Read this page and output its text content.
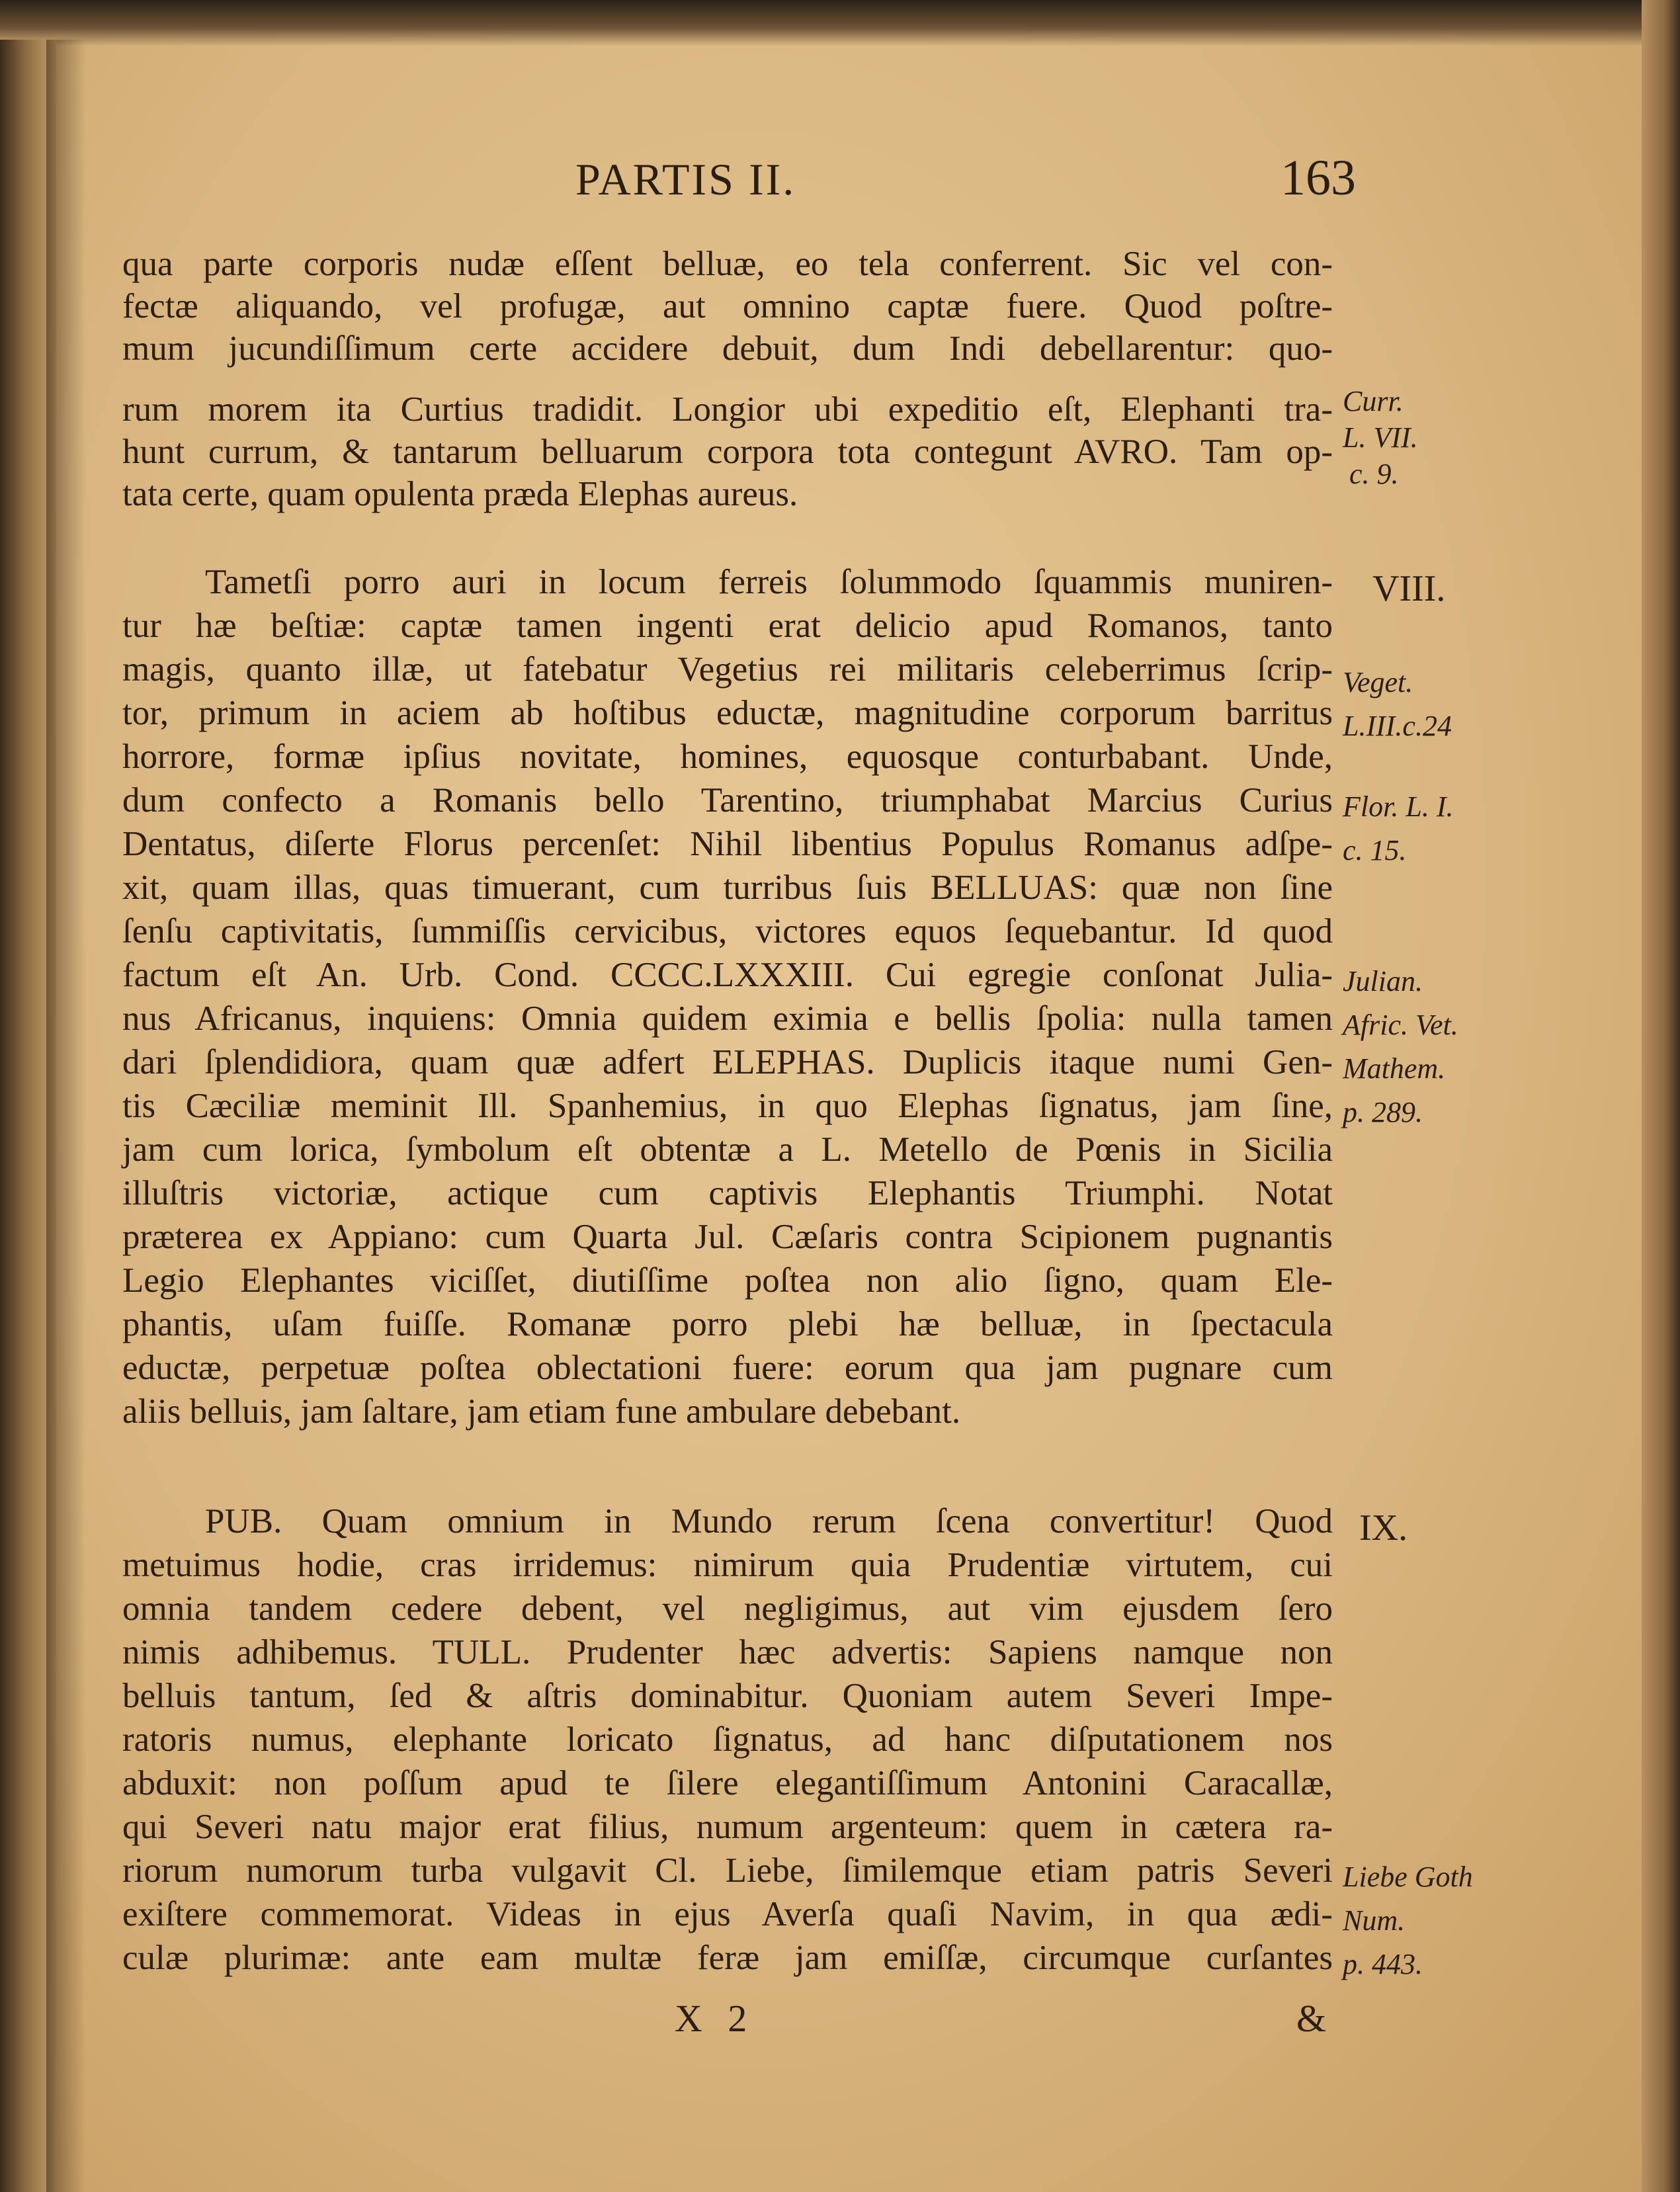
PARTIS II.	163
qua parte corporis nudæ eſſent belluæ, eo tela conferrent. Sic vel con-
fectæ aliquando, vel profugæ, aut omnino captæ fuere. Quod poſtre-
mum jucundiſſimum certe accidere debuit, dum Indi debellarentur: quo-
rum morem ita Curtius tradidit. Longior ubi expeditio eſt, Elephanti tra-
hunt currum, & tantarum belluarum corpora tota contegunt AVRO. Tam op-
tata certe, quam opulenta præda Elephas aureus.
Tametſi porro auri in locum ferreis ſolummodo ſquammis muniren-
tur hæ beſtiæ: captæ tamen ingenti erat delicio apud Romanos, tanto
magis, quanto illæ, ut fatebatur Vegetius rei militaris celeberrimus ſcrip-
tor, primum in aciem ab hoſtibus eductæ, magnitudine corporum barritus
horrore, formæ ipſius novitate, homines, equosque conturbabant. Unde,
dum confecto a Romanis bello Tarentino, triumphabat Marcius Curius
Dentatus, diſerte Florus percenſet: Nihil libentius Populus Romanus adſpe-
xit, quam illas, quas timuerant, cum turribus ſuis BELLUAS: quæ non ſine
ſenſu captivitatis, ſummiſſis cervicibus, victores equos ſequebantur. Id quod
factum eſt An. Urb. Cond. CCCC.LXXXIII. Cui egregie conſonat Julia-
nus Africanus, inquiens: Omnia quidem eximia e bellis ſpolia: nulla tamen
dari ſplendidiora, quam quæ adfert ELEPHAS. Duplicis itaque numi Gen-
tis Cæciliæ meminit Ill. Spanhemius, in quo Elephas ſignatus, jam ſine,
jam cum lorica, ſymbolum eſt obtentæ a L. Metello de Pœnis in Sicilia
illuſtris victoriæ, actique cum captivis Elephantis Triumphi. Notat
præterea ex Appiano: cum Quarta Jul. Cæſaris contra Scipionem pugnantis
Legio Elephantes viciſſet, diutiſſime poſtea non alio ſigno, quam Ele-
phantis, uſam fuiſſe. Romanæ porro plebi hæ belluæ, in ſpectacula
eductæ, perpetuæ poſtea oblectationi fuere: eorum qua jam pugnare cum
aliis belluis, jam ſaltare, jam etiam fune ambulare debebant.
PUB. Quam omnium in Mundo rerum ſcena convertitur! Quod
metuimus hodie, cras irridemus: nimirum quia Prudentiæ virtutem, cui
omnia tandem cedere debent, vel negligimus, aut vim ejusdem ſero
nimis adhibemus. TULL. Prudenter hæc advertis: Sapiens namque non
belluis tantum, ſed & aſtris dominabitur. Quoniam autem Severi Impe-
ratoris numus, elephante loricato ſignatus, ad hanc diſputationem nos
abduxit: non poſſum apud te ſilere elegantiſſimum Antonini Caracallæ,
qui Severi natu major erat filius, numum argenteum: quem in cætera ra-
riorum numorum turba vulgavit Cl. Liebe, ſimilemque etiam patris Severi
exiſtere commemorat. Videas in ejus Averſa quaſi Navim, in qua ædi-
culæ plurimæ: ante eam multæ feræ jam emiſſæ, circumque curſantes
Curr.
L. VII.
c. 9.
VIII.
Veget.
L.III.c.24
Flor. L. I.
c. 15.
Julian.
Afric. Vet.
Mathem.
p. 289.
IX.
Liebe Goth
Num.
p. 443.
X 2	&
